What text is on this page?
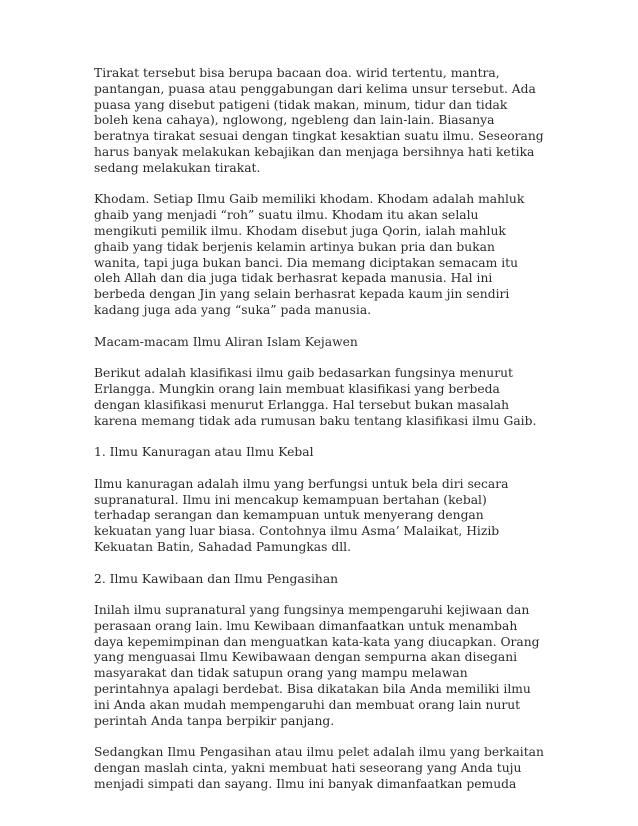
Tirakat tersebut bisa berupa bacaan doa. wirid tertentu, mantra, pantangan, puasa atau penggabungan dari kelima unsur tersebut. Ada puasa yang disebut patigeni (tidak makan, minum, tidur dan tidak boleh kena cahaya), nglowong, ngebleng dan lain-lain. Biasanya beratnya tirakat sesuai dengan tingkat kesaktian suatu ilmu. Seseorang harus banyak melakukan kebajikan dan menjaga bersihnya hati ketika sedang melakukan tirakat.

Khodam. Setiap Ilmu Gaib memiliki khodam. Khodam adalah mahluk ghaib yang menjadi “roh” suatu ilmu. Khodam itu akan selalu mengikuti pemilik ilmu. Khodam disebut juga Qorin, ialah mahluk ghaib yang tidak berjenis kelamin artinya bukan pria dan bukan wanita, tapi juga bukan banci. Dia memang diciptakan semacam itu oleh Allah dan dia juga tidak berhasrat kepada manusia. Hal ini berbeda dengan Jin yang selain berhasrat kepada kaum jin sendiri kadang juga ada yang “suka” pada manusia.

Macam-macam Ilmu Aliran Islam Kejawen

Berikut adalah klasifikasi ilmu gaib bedasarkan fungsinya menurut Erlangga. Mungkin orang lain membuat klasifikasi yang berbeda dengan klasifikasi menurut Erlangga. Hal tersebut bukan masalah karena memang tidak ada rumusan baku tentang klasifikasi ilmu Gaib.

1. Ilmu Kanuragan atau Ilmu Kebal

Ilmu kanuragan adalah ilmu yang berfungsi untuk bela diri secara supranatural. Ilmu ini mencakup kemampuan bertahan (kebal) terhadap serangan dan kemampuan untuk menyerang dengan kekuatan yang luar biasa. Contohnya ilmu Asma’ Malaikat, Hizib Kekuatan Batin, Sahadad Pamungkas dll.

2. Ilmu Kawibaan dan Ilmu Pengasihan

Inilah ilmu supranatural yang fungsinya mempengaruhi kejiwaan dan perasaan orang lain. lmu Kewibaan dimanfaatkan untuk menambah daya kepemimpinan dan menguatkan kata-kata yang diucapkan. Orang yang menguasai Ilmu Kewibawaan dengan sempurna akan disegani masyarakat dan tidak satupun orang yang mampu melawan perintahnya apalagi berdebat. Bisa dikatakan bila Anda memiliki ilmu ini Anda akan mudah mempengaruhi dan membuat orang lain nurut perintah Anda tanpa berpikir panjang.

Sedangkan Ilmu Pengasihan atau ilmu pelet adalah ilmu yang berkaitan dengan maslah cinta, yakni membuat hati seseorang yang Anda tuju menjadi simpati dan sayang. Ilmu ini banyak dimanfaatkan pemuda
